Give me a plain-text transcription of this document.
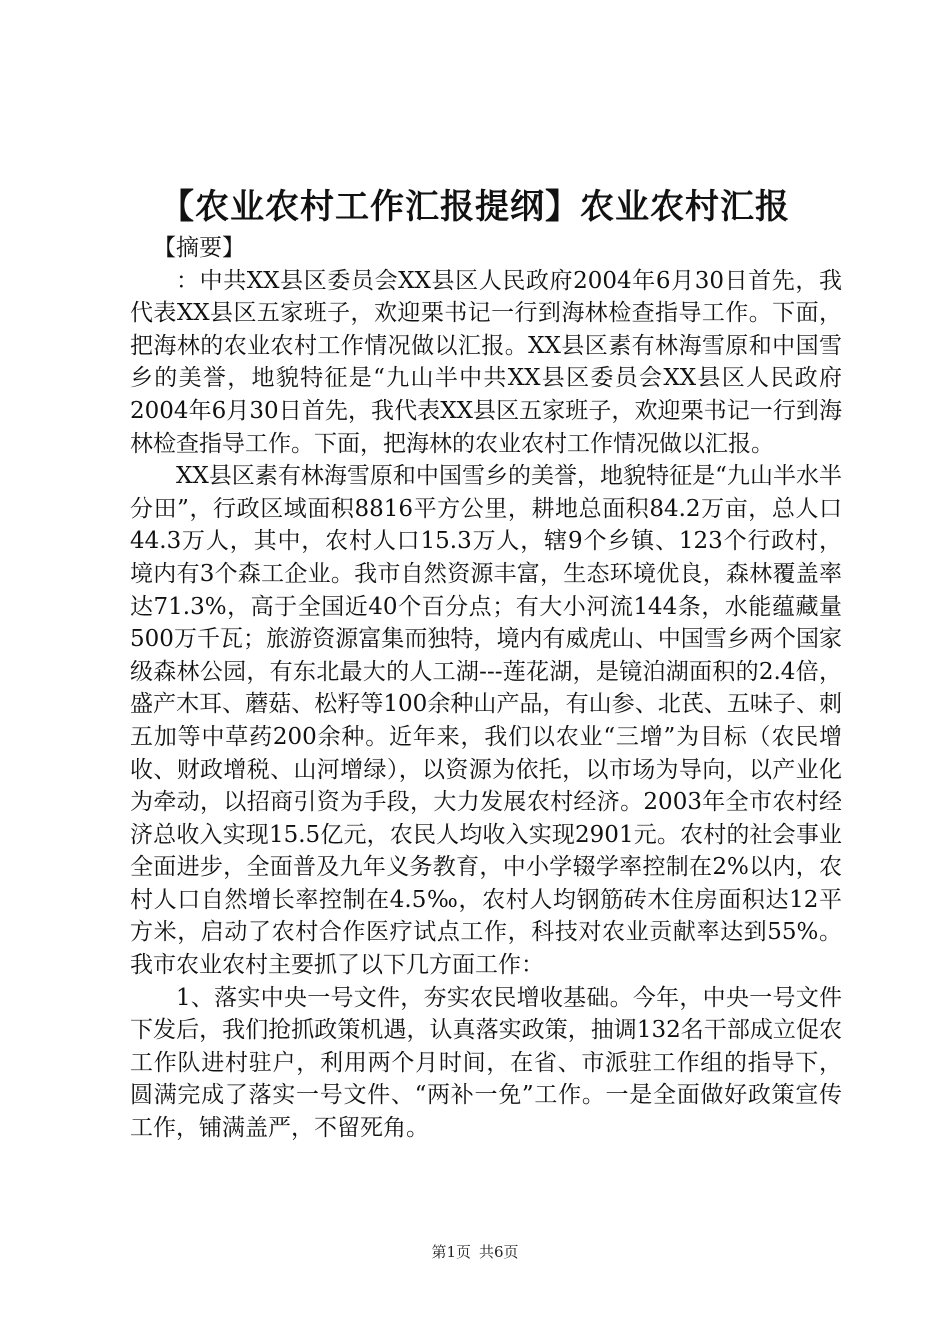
【农业农村工作汇报提纲】农业农村汇报

【摘要】

：中共XX县区委员会XX县区人民政府2004年6月30日首先，我代表XX县区五家班子，欢迎栗书记一行到海林检查指导工作。下面，把海林的农业农村工作情况做以汇报。XX县区素有林海雪原和中国雪乡的美誉，地貌特征是“九山半中共XX县区委员会XX县区人民政府2004年6月30日首先，我代表XX县区五家班子，欢迎栗书记一行到海林检查指导工作。下面，把海林的农业农村工作情况做以汇报。

XX县区素有林海雪原和中国雪乡的美誉，地貌特征是“九山半水半分田”，行政区域面积8816平方公里，耕地总面积84.2万亩，总人口44.3万人，其中，农村人口15.3万人，辖9个乡镇、123个行政村，境内有3个森工企业。我市自然资源丰富，生态环境优良，森林覆盖率达71.3%，高于全国近40个百分点；有大小河流144条，水能蕴藏量500万千瓦；旅游资源富集而独特，境内有威虎山、中国雪乡两个国家级森林公园，有东北最大的人工湖---莲花湖，是镜泊湖面积的2.4倍，盛产木耳、蘑菇、松籽等100余种山产品，有山参、北芪、五味子、刺五加等中草药200余种。近年来，我们以农业“三增”为目标（农民增收、财政增税、山河增绿），以资源为依托，以市场为导向，以产业化为牵动，以招商引资为手段，大力发展农村经济。2003年全市农村经济总收入实现15.5亿元，农民人均收入实现2901元。农村的社会事业全面进步，全面普及九年义务教育，中小学辍学率控制在2%以内，农村人口自然增长率控制在4.5‰，农村人均钢筋砖木住房面积达12平方米，启动了农村合作医疗试点工作，科技对农业贡献率达到55%。我市农业农村主要抓了以下几方面工作：

1、落实中央一号文件，夯实农民增收基础。今年，中央一号文件下发后，我们抢抓政策机遇，认真落实政策，抽调132名干部成立促农工作队进村驻户，利用两个月时间，在省、市派驻工作组的指导下，圆满完成了落实一号文件、“两补一免”工作。一是全面做好政策宣传工作，铺满盖严，不留死角。

第1页 共6页
